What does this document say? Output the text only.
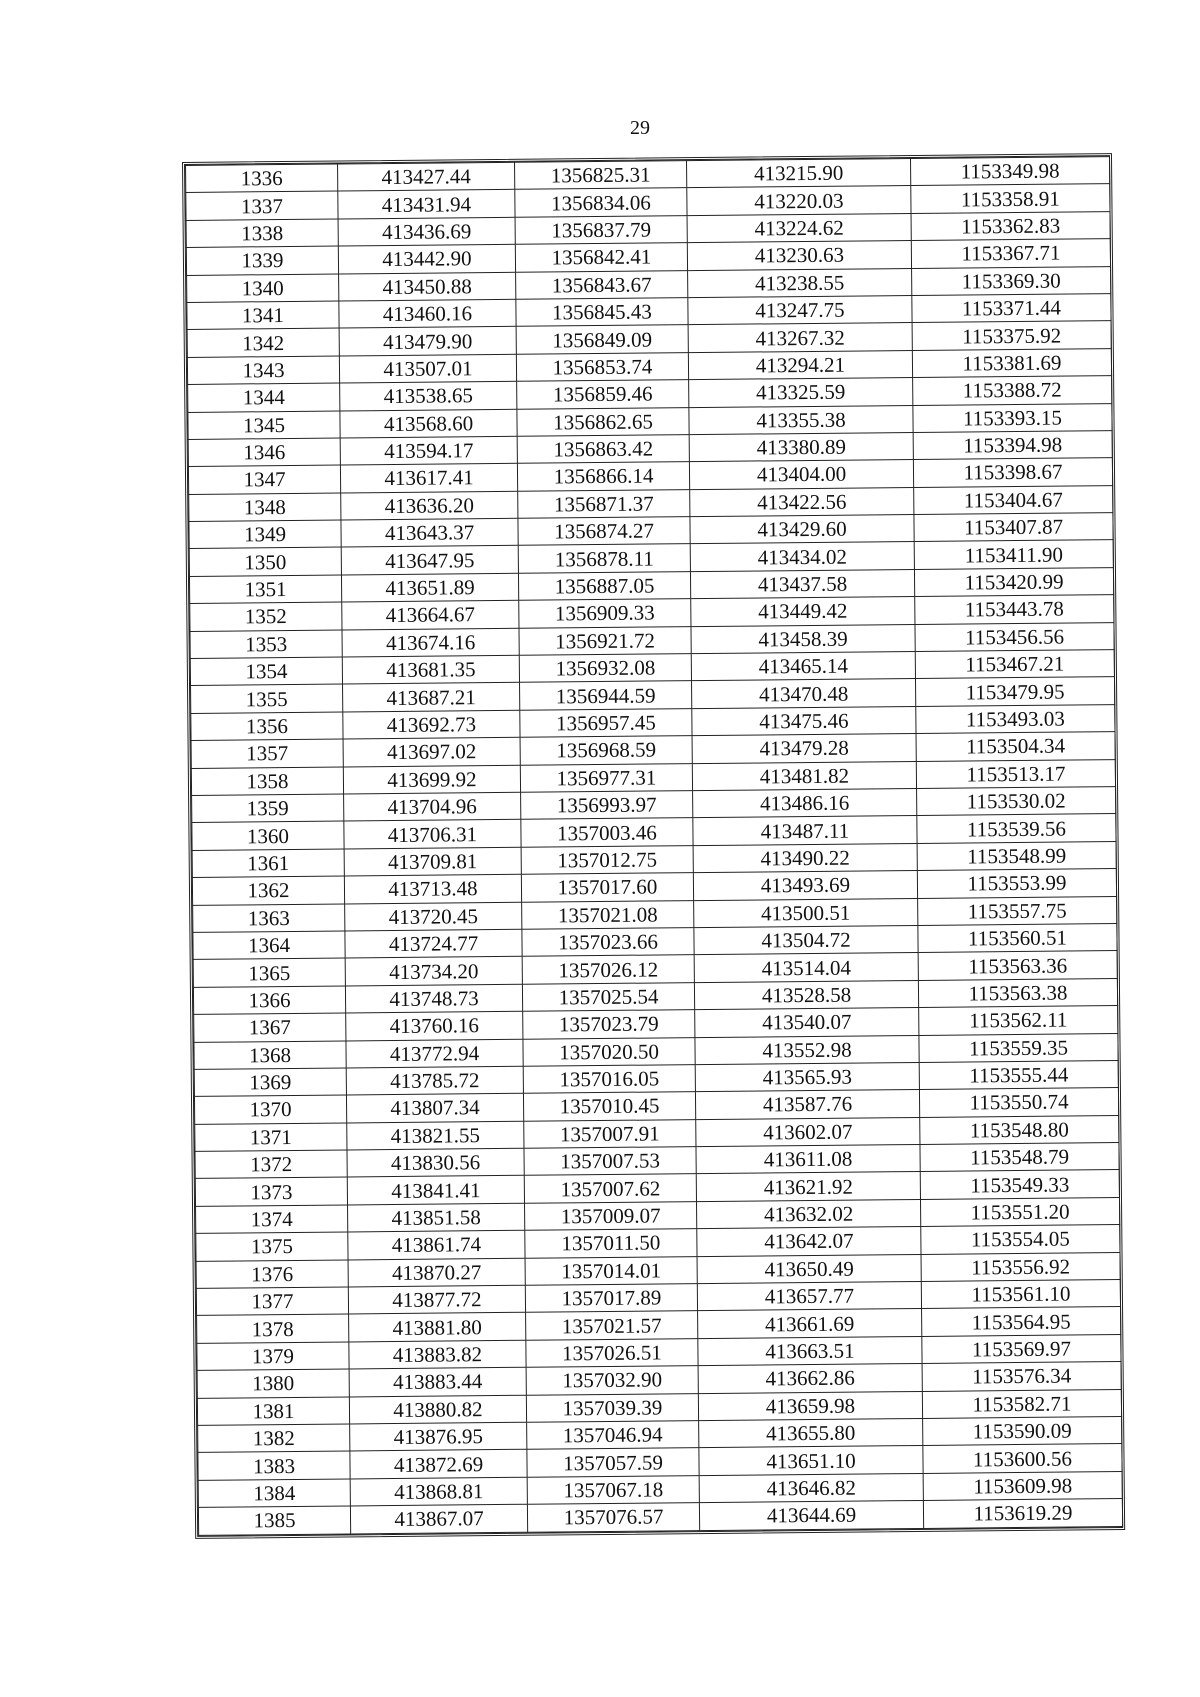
29
1336	413427.44	1356825.31	413215.90	1153349.98
1337	413431.94	1356834.06	413220.03	1153358.91
1338	413436.69	1356837.79	413224.62	1153362.83
1339	413442.90	1356842.41	413230.63	1153367.71
1340	413450.88	1356843.67	413238.55	1153369.30
1341	413460.16	1356845.43	413247.75	1153371.44
1342	413479.90	1356849.09	413267.32	1153375.92
1343	413507.01	1356853.74	413294.21	1153381.69
1344	413538.65	1356859.46	413325.59	1153388.72
1345	413568.60	1356862.65	413355.38	1153393.15
1346	413594.17	1356863.42	413380.89	1153394.98
1347	413617.41	1356866.14	413404.00	1153398.67
1348	413636.20	1356871.37	413422.56	1153404.67
1349	413643.37	1356874.27	413429.60	1153407.87
1350	413647.95	1356878.11	413434.02	1153411.90
1351	413651.89	1356887.05	413437.58	1153420.99
1352	413664.67	1356909.33	413449.42	1153443.78
1353	413674.16	1356921.72	413458.39	1153456.56
1354	413681.35	1356932.08	413465.14	1153467.21
1355	413687.21	1356944.59	413470.48	1153479.95
1356	413692.73	1356957.45	413475.46	1153493.03
1357	413697.02	1356968.59	413479.28	1153504.34
1358	413699.92	1356977.31	413481.82	1153513.17
1359	413704.96	1356993.97	413486.16	1153530.02
1360	413706.31	1357003.46	413487.11	1153539.56
1361	413709.81	1357012.75	413490.22	1153548.99
1362	413713.48	1357017.60	413493.69	1153553.99
1363	413720.45	1357021.08	413500.51	1153557.75
1364	413724.77	1357023.66	413504.72	1153560.51
1365	413734.20	1357026.12	413514.04	1153563.36
1366	413748.73	1357025.54	413528.58	1153563.38
1367	413760.16	1357023.79	413540.07	1153562.11
1368	413772.94	1357020.50	413552.98	1153559.35
1369	413785.72	1357016.05	413565.93	1153555.44
1370	413807.34	1357010.45	413587.76	1153550.74
1371	413821.55	1357007.91	413602.07	1153548.80
1372	413830.56	1357007.53	413611.08	1153548.79
1373	413841.41	1357007.62	413621.92	1153549.33
1374	413851.58	1357009.07	413632.02	1153551.20
1375	413861.74	1357011.50	413642.07	1153554.05
1376	413870.27	1357014.01	413650.49	1153556.92
1377	413877.72	1357017.89	413657.77	1153561.10
1378	413881.80	1357021.57	413661.69	1153564.95
1379	413883.82	1357026.51	413663.51	1153569.97
1380	413883.44	1357032.90	413662.86	1153576.34
1381	413880.82	1357039.39	413659.98	1153582.71
1382	413876.95	1357046.94	413655.80	1153590.09
1383	413872.69	1357057.59	413651.10	1153600.56
1384	413868.81	1357067.18	413646.82	1153609.98
1385	413867.07	1357076.57	413644.69	1153619.29
